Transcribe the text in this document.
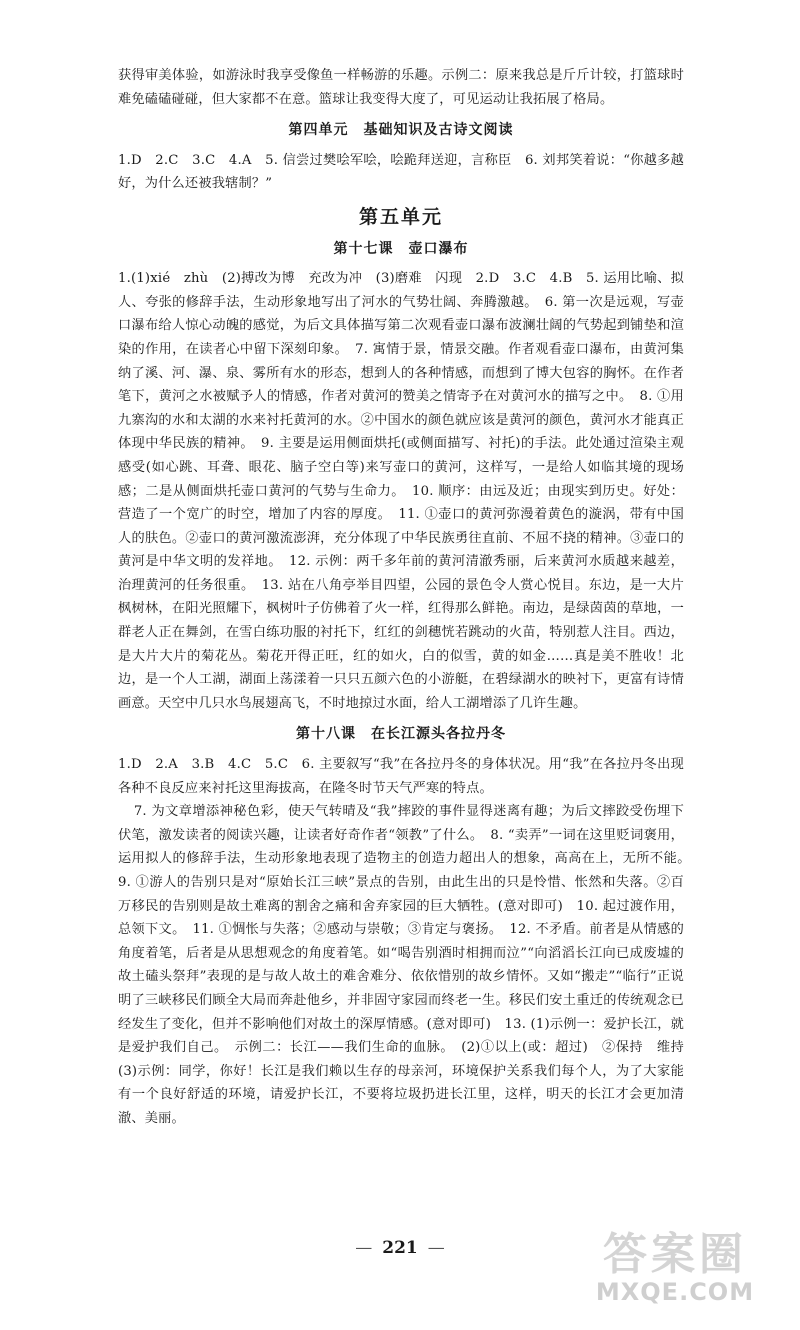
获得审美体验，如游泳时我享受像鱼一样畅游的乐趣。示例二：原来我总是斤斤计较，打篮球时难免磕磕碰碰，但大家都不在意。篮球让我变得大度了，可见运动让我拓展了格局。

第四单元　基础知识及古诗文阅读

1.D　2.C　3.C　4.A　5. 信尝过樊哙军哙，哙跪拜送迎，言称臣　6. 刘邦笑着说：“你越多越好，为什么还被我辖制？”

第五单元
第十七课　壶口瀑布

1.(1)xié　zhù　(2)搏改为博　充改为冲　(3)磨难　闪现　2.D　3.C　4.B　5. 运用比喻、拟人、夸张的修辞手法，生动形象地写出了河水的气势壮阔、奔腾激越。　6. 第一次是远观，写壶口瀑布给人惊心动魄的感觉，为后文具体描写第二次观看壶口瀑布波澜壮阔的气势起到铺垫和渲染的作用，在读者心中留下深刻印象。　7. 寓情于景，情景交融。作者观看壶口瀑布，由黄河集纳了溪、河、瀑、泉、雾所有水的形态，想到人的各种情感，而想到了博大包容的胸怀。在作者笔下，黄河之水被赋予人的情感，作者对黄河的赞美之情寄予在对黄河水的描写之中。　8. ①用九寨沟的水和太湖的水来衬托黄河的水。②中国水的颜色就应该是黄河的颜色，黄河水才能真正体现中华民族的精神。　9. 主要是运用侧面烘托(或侧面描写、衬托)的手法。此处通过渲染主观感受(如心跳、耳聋、眼花、脑子空白等)来写壶口的黄河，这样写，一是给人如临其境的现场感；二是从侧面烘托壶口黄河的气势与生命力。　10. 顺序：由远及近；由现实到历史。好处：营造了一个宽广的时空，增加了内容的厚度。　11. ①壶口的黄河弥漫着黄色的漩涡，带有中国人的肤色。②壶口的黄河激流澎湃，充分体现了中华民族勇往直前、不屈不挠的精神。③壶口的黄河是中华文明的发祥地。　12. 示例：两千多年前的黄河清澈秀丽，后来黄河水质越来越差，治理黄河的任务很重。　13. 站在八角亭举目四望，公园的景色令人赏心悦目。东边，是一大片枫树林，在阳光照耀下，枫树叶子仿佛着了火一样，红得那么鲜艳。南边，是绿茵茵的草地，一群老人正在舞剑，在雪白练功服的衬托下，红红的剑穗恍若跳动的火苗，特别惹人注目。西边，是大片大片的菊花丛。菊花开得正旺，红的如火，白的似雪，黄的如金……真是美不胜收！北边，是一个人工湖，湖面上荡漾着一只只五颜六色的小游艇，在碧绿湖水的映衬下，更富有诗情画意。天空中几只水鸟展翅高飞，不时地掠过水面，给人工湖增添了几许生趣。

第十八课　在长江源头各拉丹冬

1.D　2.A　3.B　4.C　5.C　6. 主要叙写“我”在各拉丹冬的身体状况。用“我”在各拉丹冬出现各种不良反应来衬托这里海拔高，在隆冬时节天气严寒的特点。

7. 为文章增添神秘色彩，使天气转晴及“我”摔跤的事件显得迷离有趣；为后文摔跤受伤埋下伏笔，激发读者的阅读兴趣，让读者好奇作者“领教”了什么。　8. “卖弄”一词在这里贬词褒用，运用拟人的修辞手法，生动形象地表现了造物主的创造力超出人的想象，高高在上，无所不能。　9. ①游人的告别只是对“原始长江三峡”景点的告别，由此生出的只是怜惜、怅然和失落。②百万移民的告别则是故土难离的割舍之痛和舍弃家园的巨大牺牲。(意对即可)　10. 起过渡作用，总领下文。　11. ①惆怅与失落；②感动与崇敬；③肯定与褒扬。　12. 不矛盾。前者是从情感的角度着笔，后者是从思想观念的角度着笔。如“喝告别酒时相拥而泣”“向滔滔长江向已成废墟的故土磕头祭拜”表现的是与故人故土的难舍难分、依依惜别的故乡情怀。又如“搬走”“临行”正说明了三峡移民们顾全大局而奔赴他乡，并非固守家园而终老一生。移民们安土重迁的传统观念已经发生了变化，但并不影响他们对故土的深厚情感。(意对即可)　13. (1)示例一：爱护长江，就是爱护我们自己。　示例二：长江——我们生命的血脉。　(2)①以上(或：超过)　②保持　维持　(3)示例：同学，你好！长江是我们赖以生存的母亲河，环境保护关系我们每个人，为了大家能有一个良好舒适的环境，请爱护长江，不要将垃圾扔进长江里，这样，明天的长江才会更加清澈、美丽。

— 221 —	答案圈
MXQE.COM
